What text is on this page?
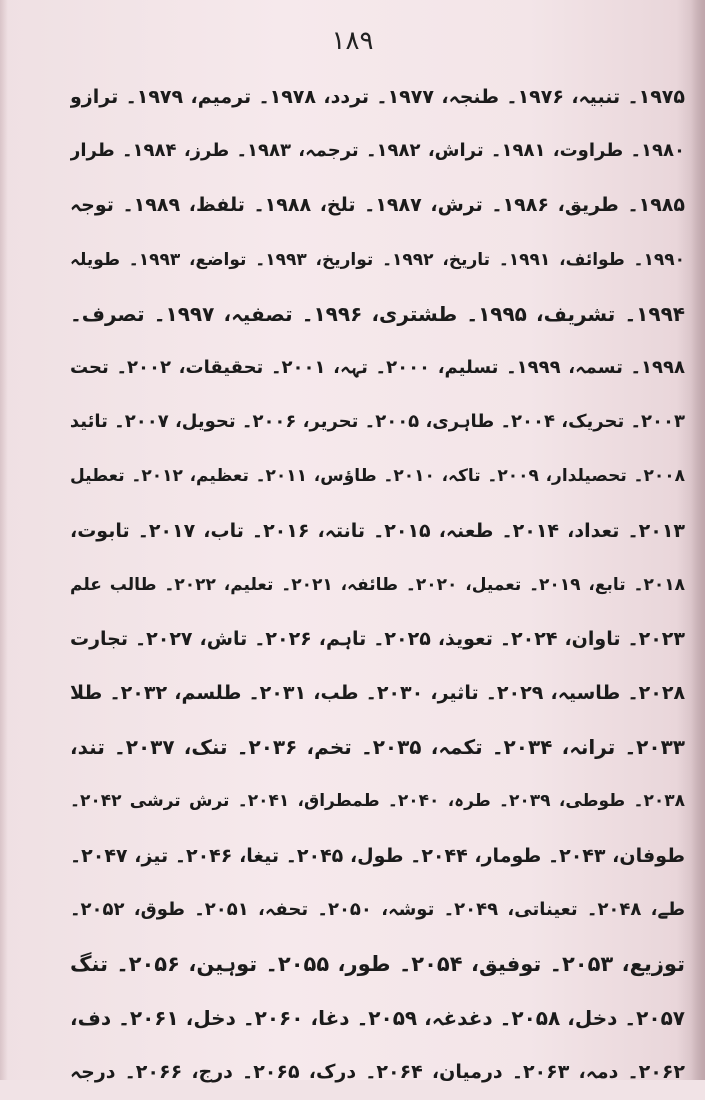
١٨٩
۱۹۷۵۔ تنبیہ، ۱۹۷۶۔ طنجہ، ۱۹۷۷۔ تردد، ۱۹۷۸۔ ترمیم، ۱۹۷۹۔ ترازو
۱۹۸۰۔ طراوت، ۱۹۸۱۔ تراش، ۱۹۸۲۔ ترجمہ، ۱۹۸۳۔ طرز، ۱۹۸۴۔ طرار
۱۹۸۵۔ طریق، ۱۹۸۶۔ ترش، ۱۹۸۷۔ تلخ، ۱۹۸۸۔ تلفظ، ۱۹۸۹۔ توجہ
۱۹۹۰۔ طوائف، ۱۹۹۱۔ تاریخ، ۱۹۹۲۔ تواریخ، ۱۹۹۳۔ تواضع، ۱۹۹۳۔ طویلہ
۱۹۹۴۔ تشریف، ۱۹۹۵۔ طشتری، ۱۹۹۶۔ تصفیہ، ۱۹۹۷۔ تصرف۔
۱۹۹۸۔ تسمہ، ۱۹۹۹۔ تسلیم، ۲۰۰۰۔ تہہ، ۲۰۰۱۔ تحقیقات، ۲۰۰۲۔ تحت
۲۰۰۳۔ تحریک، ۲۰۰۴۔ طاہری، ۲۰۰۵۔ تحریر، ۲۰۰۶۔ تحویل، ۲۰۰۷۔ تائید
۲۰۰۸۔ تحصیلدار، ۲۰۰۹۔ تاکہ، ۲۰۱۰۔ طاؤس، ۲۰۱۱۔ تعظیم، ۲۰۱۲۔ تعطیل
۲۰۱۳۔ تعداد، ۲۰۱۴۔ طعنہ، ۲۰۱۵۔ تانتہ، ۲۰۱۶۔ تاب، ۲۰۱۷۔ تابوت،
۲۰۱۸۔ تابع، ۲۰۱۹۔ تعمیل، ۲۰۲۰۔ طائفہ، ۲۰۲۱۔ تعلیم، ۲۰۲۲۔ طالب علم
۲۰۲۳۔ تاوان، ۲۰۲۴۔ تعویذ، ۲۰۲۵۔ تاہم، ۲۰۲۶۔ تاش، ۲۰۲۷۔ تجارت
۲۰۲۸۔ طاسیہ، ۲۰۲۹۔ تاثیر، ۲۰۳۰۔ طب، ۲۰۳۱۔ طلسم، ۲۰۳۲۔ طلا
۲۰۳۳۔ ترانہ، ۲۰۳۴۔ تکمہ، ۲۰۳۵۔ تخم، ۲۰۳۶۔ تنک، ۲۰۳۷۔ تند،
۲۰۳۸۔ طوطی، ۲۰۳۹۔ طرہ، ۲۰۴۰۔ طمطراق، ۲۰۴۱۔ ترش ترشی ۲۰۴۲۔
طوفان، ۲۰۴۳۔ طومار، ۲۰۴۴۔ طول، ۲۰۴۵۔ تیغا، ۲۰۴۶۔ تیز، ۲۰۴۷۔
طے، ۲۰۴۸۔ تعیناتی، ۲۰۴۹۔ توشہ، ۲۰۵۰۔ تحفہ، ۲۰۵۱۔ طوق، ۲۰۵۲۔
توزیع، ۲۰۵۳۔ توفیق، ۲۰۵۴۔ طور، ۲۰۵۵۔ توہین، ۲۰۵۶۔ تنگ
۲۰۵۷۔ دخل، ۲۰۵۸۔ دغدغہ، ۲۰۵۹۔ دغا، ۲۰۶۰۔ دخل، ۲۰۶۱۔ دف،
۲۰۶۲۔ دمہ، ۲۰۶۳۔ درمیان، ۲۰۶۴۔ درک، ۲۰۶۵۔ درج، ۲۰۶۶۔ درجہ
